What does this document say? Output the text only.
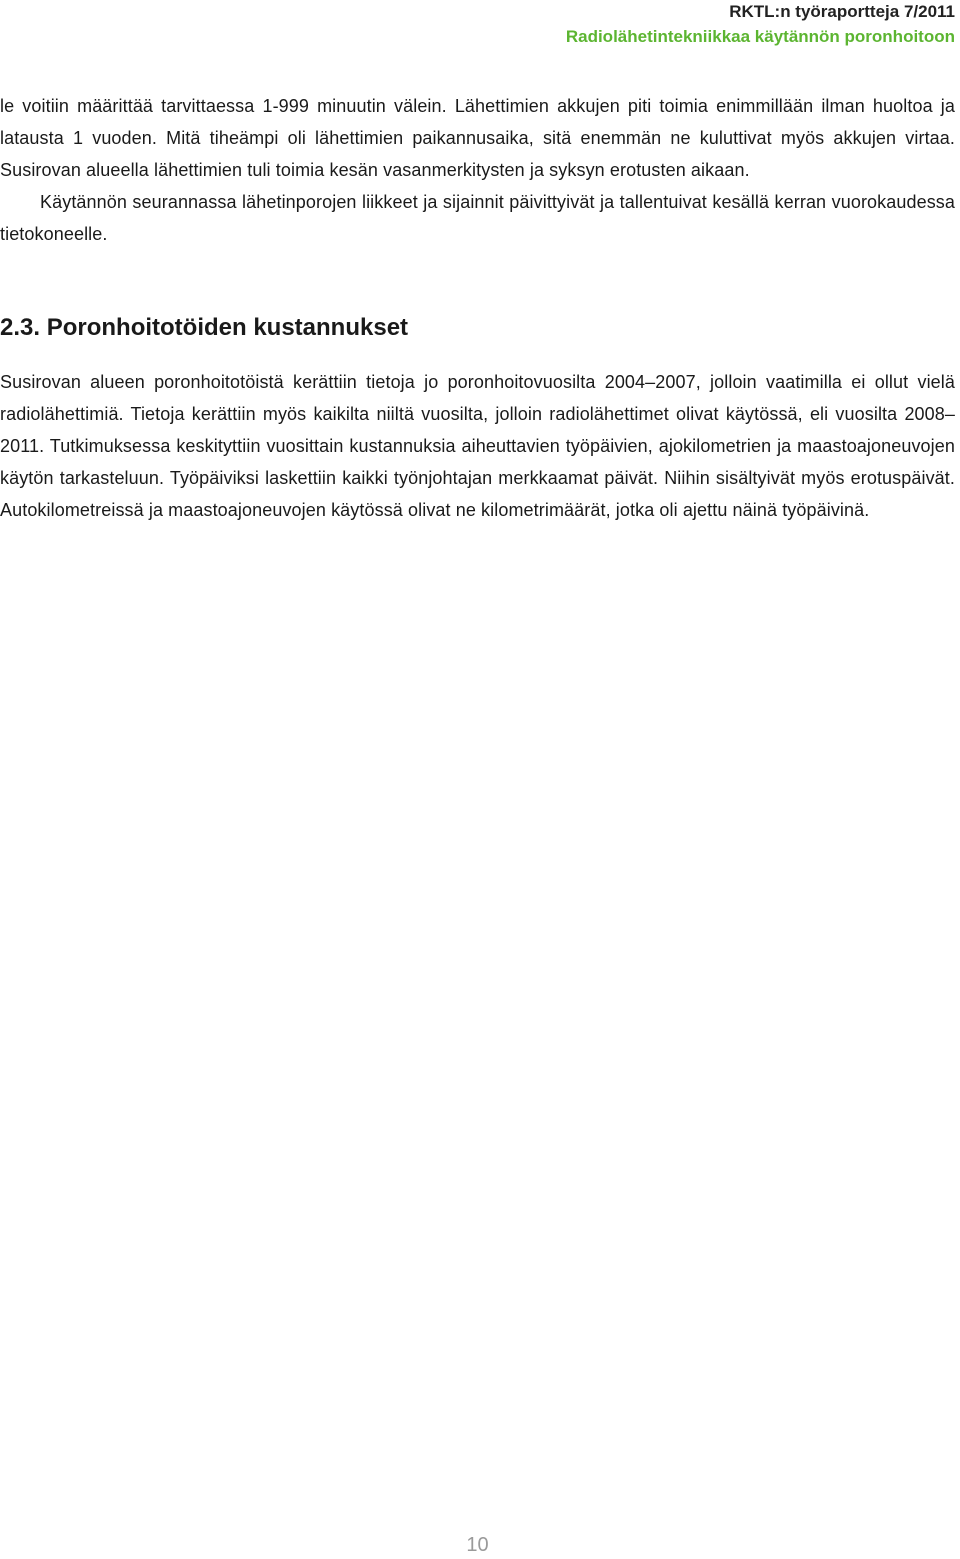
RKTL:n työraportteja 7/2011
Radiolähetintekniikkaa käytännön poronhoitoon

le voitiin määrittää tarvittaessa 1-999 minuutin välein. Lähettimien akkujen piti toimia enimmillään ilman huoltoa ja latausta 1 vuoden. Mitä tiheämpi oli lähettimien paikannusaika, sitä enemmän ne kuluttivat myös akkujen virtaa. Susirovan alueella lähettimien tuli toimia kesän vasanmerkitysten ja syksyn erotusten aikaan.

Käytännön seurannassa lähetinporojen liikkeet ja sijainnit päivittyivät ja tallentuivat kesällä kerran vuorokaudessa tietokoneelle.

2.3. Poronhoitotöiden kustannukset

Susirovan alueen poronhoitotöistä kerättiin tietoja jo poronhoitovuosilta 2004–2007, jolloin vaatimilla ei ollut vielä radiolähettimiä. Tietoja kerättiin myös kaikilta niiltä vuosilta, jolloin radiolähettimet olivat käytössä, eli vuosilta 2008–2011. Tutkimuksessa keskityttiin vuosittain kustannuksia aiheuttavien työpäivien, ajokilometrien ja maastoajoneuvojen käytön tarkasteluun. Työpäiviksi laskettiin kaikki työnjohtajan merkkaamat päivät. Niihin sisältyivät myös erotuspäivät. Autokilometreissä ja maastoajoneuvojen käytössä olivat ne kilometrimäärät, jotka oli ajettu näinä työpäivinä.

10
